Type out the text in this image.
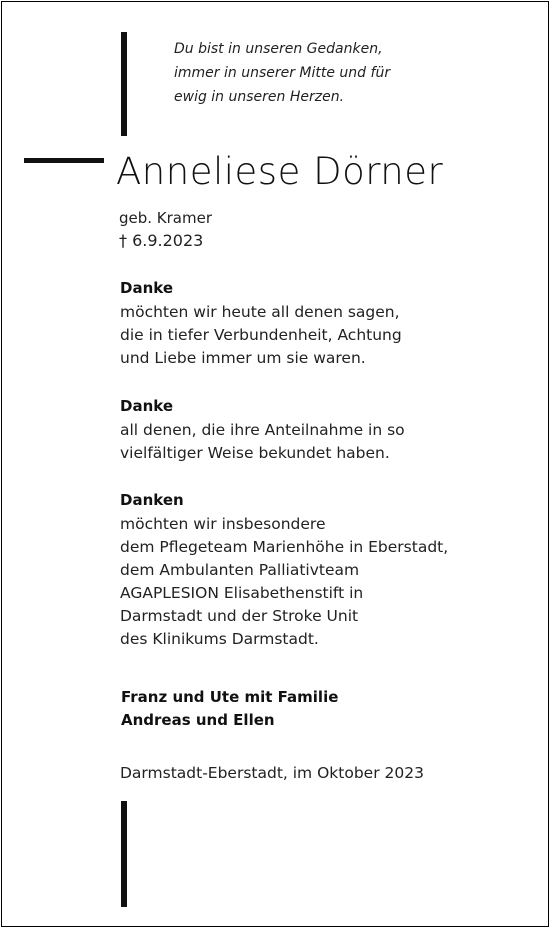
Du bist in unseren Gedanken,
immer in unserer Mitte und für
ewig in unseren Herzen.
Anneliese Dörner
geb. Kramer
† 6.9.2023
Danke
möchten wir heute all denen sagen,
die in tiefer Verbundenheit, Achtung
und Liebe immer um sie waren.
Danke
all denen, die ihre Anteilnahme in so
vielfältiger Weise bekundet haben.
Danken
möchten wir insbesondere
dem Pflegeteam Marienhöhe in Eberstadt,
dem Ambulanten Palliativteam
AGAPLESION Elisabethenstift in
Darmstadt und der Stroke Unit
des Klinikums Darmstadt.
Franz und Ute mit Familie
Andreas und Ellen
Darmstadt-Eberstadt, im Oktober 2023
